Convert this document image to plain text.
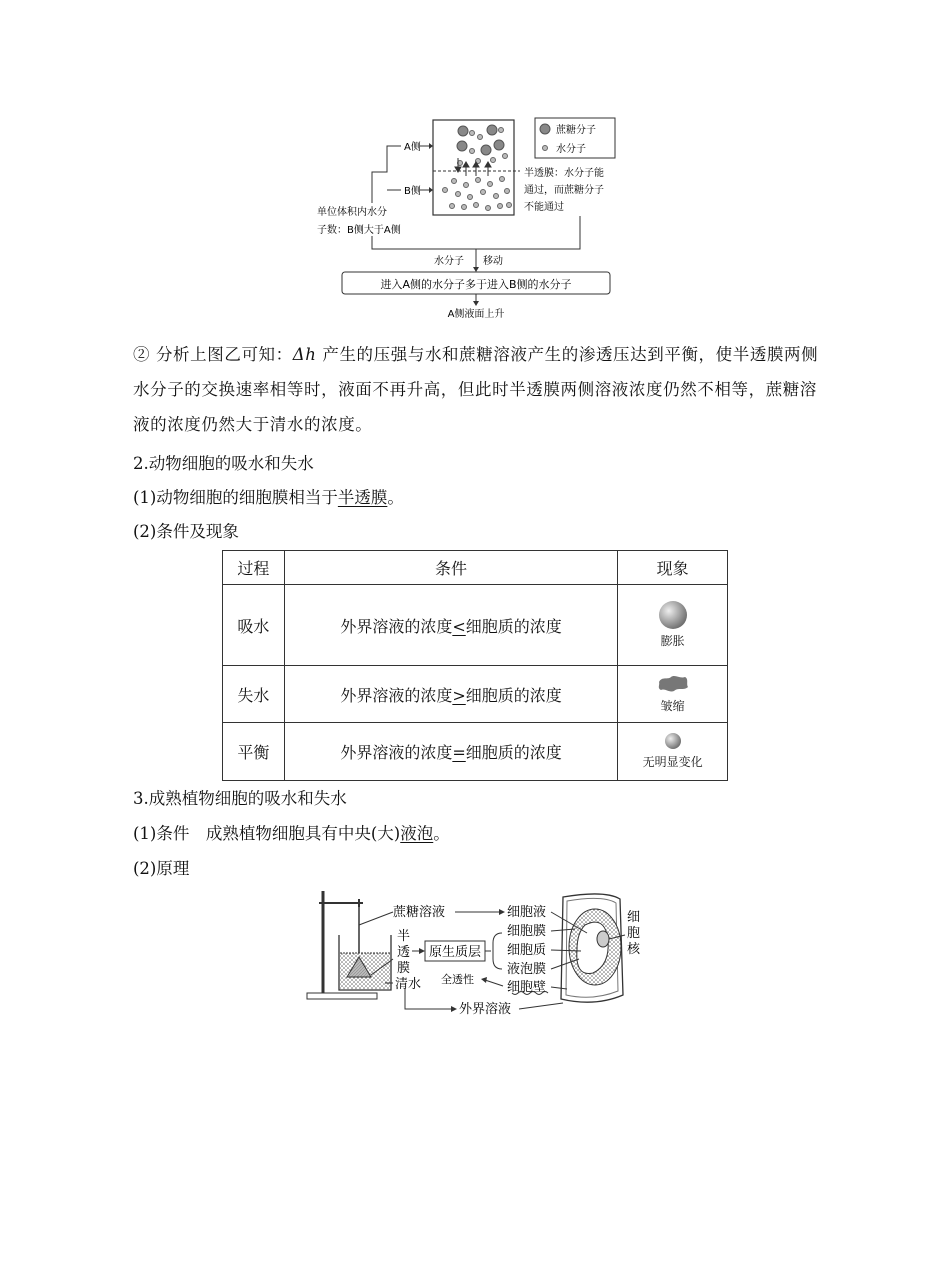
A侧
B侧
单位体积内水分
子数：B侧大于A侧
蔗糖分子
水分子
半透膜：水分子能
通过，而蔗糖分子
不能通过
水分子 移动
进入A侧的水分子多于进入B侧的水分子
A侧液面上升
② 分析上图乙可知：Δh 产生的压强与水和蔗糖溶液产生的渗透压达到平衡，使半透膜两侧水分子的交换速率相等时，液面不再升高，但此时半透膜两侧溶液浓度仍然不相等，蔗糖溶液的浓度仍然大于清水的浓度。
2.动物细胞的吸水和失水
(1)动物细胞的细胞膜相当于半透膜。
(2)条件及现象
过程	条件	现象
吸水	外界溶液的浓度<细胞质的浓度	膨胀

失水	外界溶液的浓度>细胞质的浓度	皱缩

平衡	外界溶液的浓度=细胞质的浓度	无明显变化
3.成熟植物细胞的吸水和失水
(1)条件　成熟植物细胞具有中央(大)液泡。
(2)原理
蔗糖溶液
半
透
膜
清水
原生质层
细胞液
细胞膜
细胞质
液泡膜
细胞壁
全透性
外界溶液
细
胞
核
